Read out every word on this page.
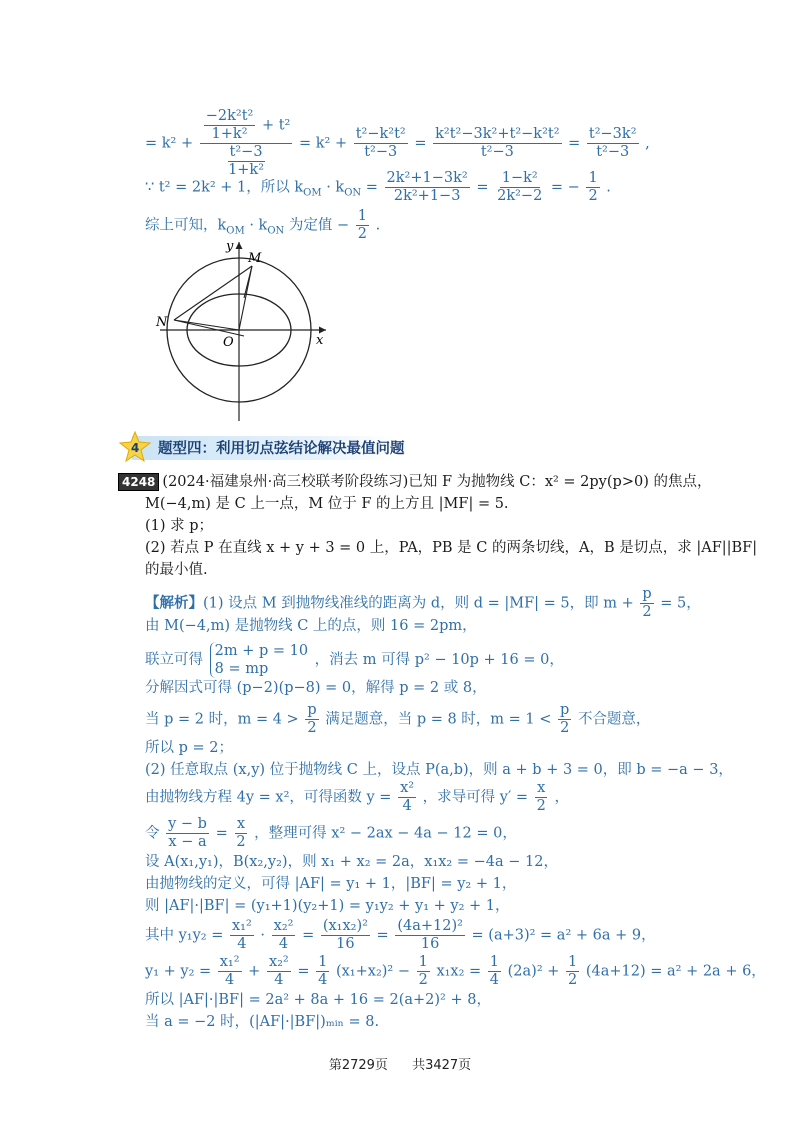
= $k^2 + \frac{\frac{\text{−2k²t²}}{\text{1+k²}} + t^2}{\frac{\text{t²−3}}{\text{1+k²}}} = k^2 + \frac{\text{t²−k²t²}}{\text{t²−3}} = \frac{\text{k²t²−3k²+t²−k²t²}}{\text{t²−3}} = \frac{\text{t²−3k²}}{\text{t²−3}}$ ,
∵ t² = 2k² + 1，所以 $k_{OM} \cdot k_{ON} = \frac{\text{2k²+1−3k²}}{\text{2k²+1−3}} = \frac{\text{1−k²}}{\text{2k²−2}}$ = − $\frac{1}{2}$ .
综上可知，$k_{OM} \cdot k_{ON}$ 为定值 − $\frac{1}{2}$ .
y
x
O
M
N
4 题型四：利用切点弦结论解决最值问题
4248 (2024·福建泉州·高三校联考阶段练习)已知 F 为抛物线 C：x² = 2py(p>0) 的焦点，
M(−4,m) 是 C 上一点，M 位于 F 的上方且 |MF| = 5.
(1) 求 p；
(2) 若点 P 在直线 x + y + 3 = 0 上，PA，PB 是 C 的两条切线，A，B 是切点，求 |AF||BF|
的最小值.
【解析】(1) 设点 M 到抛物线准线的距离为 d，则 d = |MF| = 5，即 $m + \frac{p}{2} = 5$，
由 M(−4,m) 是抛物线 C 上的点，则 16 = 2pm，
联立可得
2m + p = 10
8 = mp
，消去 m 可得 p² − 10p + 16 = 0，
分解因式可得 (p−2)(p−8) = 0，解得 p = 2 或 8，
当 p = 2 时，$m = 4 > \frac{p}{2}$ 满足题意，当 p = 8 时，$m = 1 < \frac{p}{2}$ 不合题意，
所以 p = 2；
(2) 任意取点 (x,y) 位于抛物线 C 上，设点 P(a,b)，则 a + b + 3 = 0，即 b = −a − 3，
由抛物线方程 4y = x²，可得函数 $y = \frac{\text{x²}}{4}$ ，求导可得 $y' = \frac{x}{2}$ ，
令 $\frac{y - b}{x - a} = \frac{x}{2}$ ，整理可得 x² − 2ax − 4a − 12 = 0，
设 A(x₁,y₁)，B(x₂,y₂)，则 x₁ + x₂ = 2a，x₁x₂ = −4a − 12，
由抛物线的定义，可得 |AF| = y₁ + 1，|BF| = y₂ + 1，
则 |AF|·|BF| = (y₁+1)(y₂+1) = y₁y₂ + y₁ + y₂ + 1，
其中 $y_1y_2 = \frac{\text{x₁²}}{4} \cdot \frac{\text{x₂²}}{4} = \frac{\text{(x₁x₂)²}}{16} = \frac{\text{(4a+12)²}}{16} = (a+3)^2 = a^2 + 6a + 9$，
$y_1 + y_2 = \frac{\text{x₁²}}{4} + \frac{\text{x₂²}}{4} = \frac{1}{4} (x_1+x_2)^2 - \frac{1}{2} x_1x_2 = \frac{1}{4} (2a)^2 + \frac{1}{2} (4a+12) = a^2 + 2a + 6$，
所以 |AF|·|BF| = 2a² + 8a + 16 = 2(a+2)² + 8，
当 a = −2 时，(|AF|·|BF|)ₘᵢₙ = 8.
第2729页 共3427页
